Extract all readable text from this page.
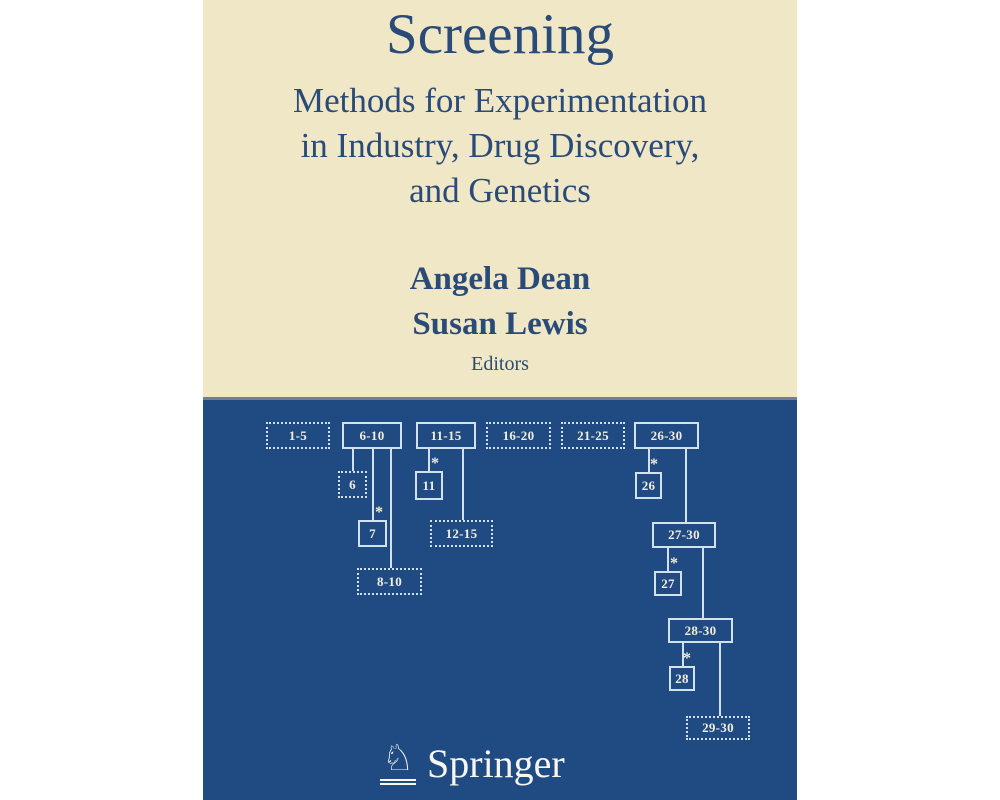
Screening
Methods for Experimentation
in Industry, Drug Discovery,
and Genetics
Angela Dean
Susan Lewis
Editors
1-5	6-10	11-15	16-20	21-25	26-30
6	11
*
26
*
7
*
12-15	27-30
8-10	27
*
28-30
28
*
29-30
♘ Springer
